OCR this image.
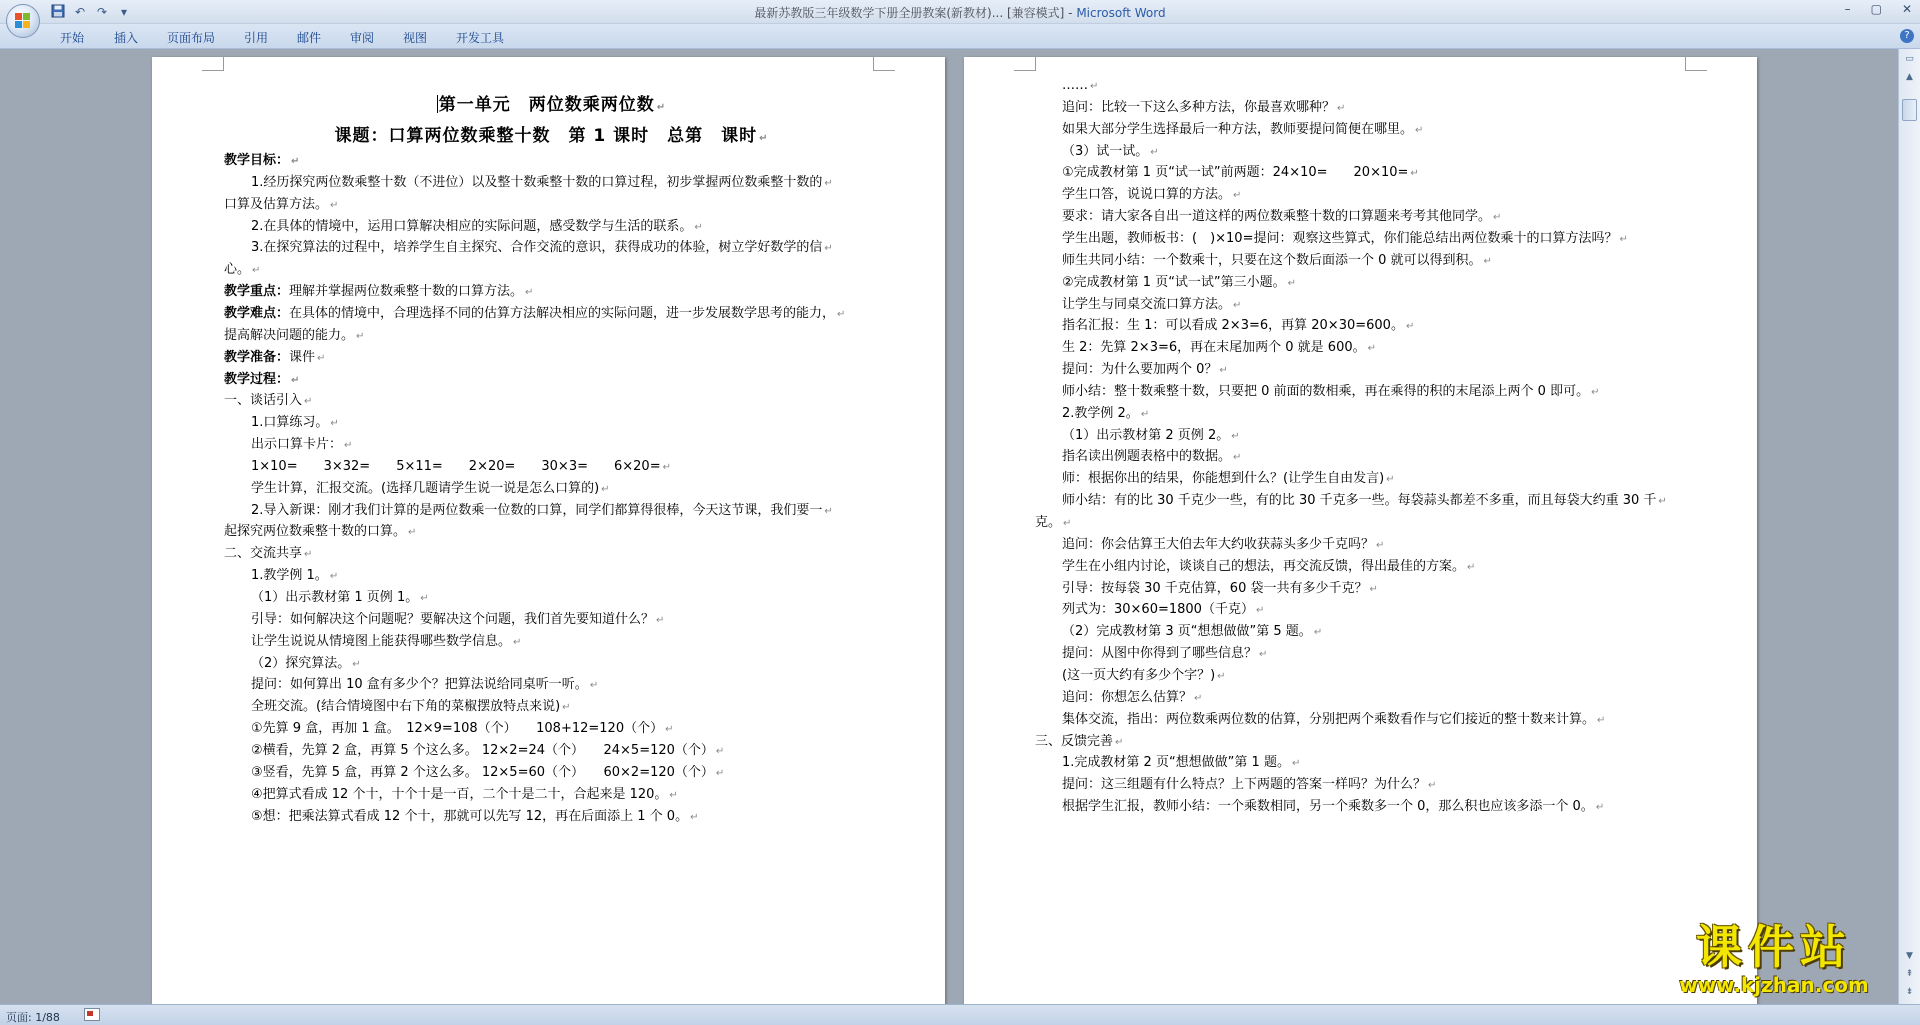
↶ ↷	▾	最新苏教版三年级数学下册全册教案(新教材)... [兼容模式] - Microsoft Word	– ▢ ✕
开始 插入 页面布局 引用 邮件 审阅 视图 开发工具	?
第一单元　两位数乘两位数 ↵
课题：口算两位数乘整十数　第 1 课时　总第　课时 ↵
教学目标： ↵
1.经历探究两位数乘整十数（不进位）以及整十数乘整十数的口算过程，初步掌握两位数乘整十数的 ↵
口算及估算方法。 ↵
2.在具体的情境中，运用口算解决相应的实际问题，感受数学与生活的联系。 ↵
3.在探究算法的过程中，培养学生自主探究、合作交流的意识，获得成功的体验，树立学好数学的信 ↵
心。 ↵
教学重点：理解并掌握两位数乘整十数的口算方法。 ↵
教学难点：在具体的情境中，合理选择不同的估算方法解决相应的实际问题，进一步发展数学思考的能力， ↵
提高解决问题的能力。 ↵
教学准备：课件 ↵
教学过程： ↵
一、谈话引入 ↵
1.口算练习。 ↵
出示口算卡片： ↵
1×10=　　3×32=　　5×11=　　2×20=　　30×3=　　6×20= ↵
学生计算，汇报交流。(选择几题请学生说一说是怎么口算的) ↵
2.导入新课：刚才我们计算的是两位数乘一位数的口算，同学们都算得很棒，今天这节课，我们要一 ↵
起探究两位数乘整十数的口算。 ↵
二、交流共享 ↵
1.教学例 1。 ↵
（1）出示教材第 1 页例 1。 ↵
引导：如何解决这个问题呢？要解决这个问题，我们首先要知道什么？ ↵
让学生说说从情境图上能获得哪些数学信息。 ↵
（2）探究算法。 ↵
提问：如何算出 10 盒有多少个？把算法说给同桌听一听。 ↵
全班交流。(结合情境图中右下角的菜椒摆放特点来说) ↵
①先算 9 盒，再加 1 盒。　12×9=108（个）　　108+12=120（个） ↵
②横看，先算 2 盒，再算 5 个这么多。 12×2=24（个）　　24×5=120（个） ↵
③竖看，先算 5 盒，再算 2 个这么多。 12×5=60（个）　　60×2=120（个） ↵
④把算式看成 12 个十，十个十是一百，二个十是二十，合起来是 120。 ↵
⑤想：把乘法算式看成 12 个十，那就可以先写 12，再在后面添上 1 个 0。 ↵
…… ↵
追问：比较一下这么多种方法，你最喜欢哪种？ ↵
如果大部分学生选择最后一种方法，教师要提问简便在哪里。 ↵
（3）试一试。 ↵
①完成教材第 1 页“试一试”前两题：24×10=　　20×10= ↵
学生口答，说说口算的方法。 ↵
要求：请大家各自出一道这样的两位数乘整十数的口算题来考考其他同学。 ↵
学生出题，教师板书：(　)×10=提问：观察这些算式，你们能总结出两位数乘十的口算方法吗？ ↵
师生共同小结：一个数乘十，只要在这个数后面添一个 0 就可以得到积。 ↵
②完成教材第 1 页“试一试”第三小题。 ↵
让学生与同桌交流口算方法。 ↵
指名汇报：生 1：可以看成 2×3=6，再算 20×30=600。 ↵
生 2：先算 2×3=6，再在末尾加两个 0 就是 600。 ↵
提问：为什么要加两个 0？ ↵
师小结：整十数乘整十数，只要把 0 前面的数相乘，再在乘得的积的末尾添上两个 0 即可。 ↵
2.教学例 2。 ↵
（1）出示教材第 2 页例 2。 ↵
指名读出例题表格中的数据。 ↵
师：根据你出的结果，你能想到什么？(让学生自由发言) ↵
师小结：有的比 30 千克少一些，有的比 30 千克多一些。每袋蒜头都差不多重，而且每袋大约重 30 千 ↵
克。 ↵
追问：你会估算王大伯去年大约收获蒜头多少千克吗？ ↵
学生在小组内讨论，谈谈自己的想法，再交流反馈，得出最佳的方案。 ↵
引导：按每袋 30 千克估算，60 袋一共有多少千克？ ↵
列式为：30×60=1800（千克） ↵
（2）完成教材第 3 页“想想做做”第 5 题。 ↵
提问：从图中你得到了哪些信息？ ↵
(这一页大约有多少个字？) ↵
追问：你想怎么估算？ ↵
集体交流，指出：两位数乘两位数的估算，分别把两个乘数看作与它们接近的整十数来计算。 ↵
三、反馈完善 ↵
1.完成教材第 2 页“想想做做”第 1 题。 ↵
提问：这三组题有什么特点？上下两题的答案一样吗？为什么？ ↵
根据学生汇报，教师小结：一个乘数相同，另一个乘数多一个 0，那么积也应该多添一个 0。 ↵
▭
▲
▼
⇞
⇟
页面: 1/88
课件站
www.kjzhan.com
